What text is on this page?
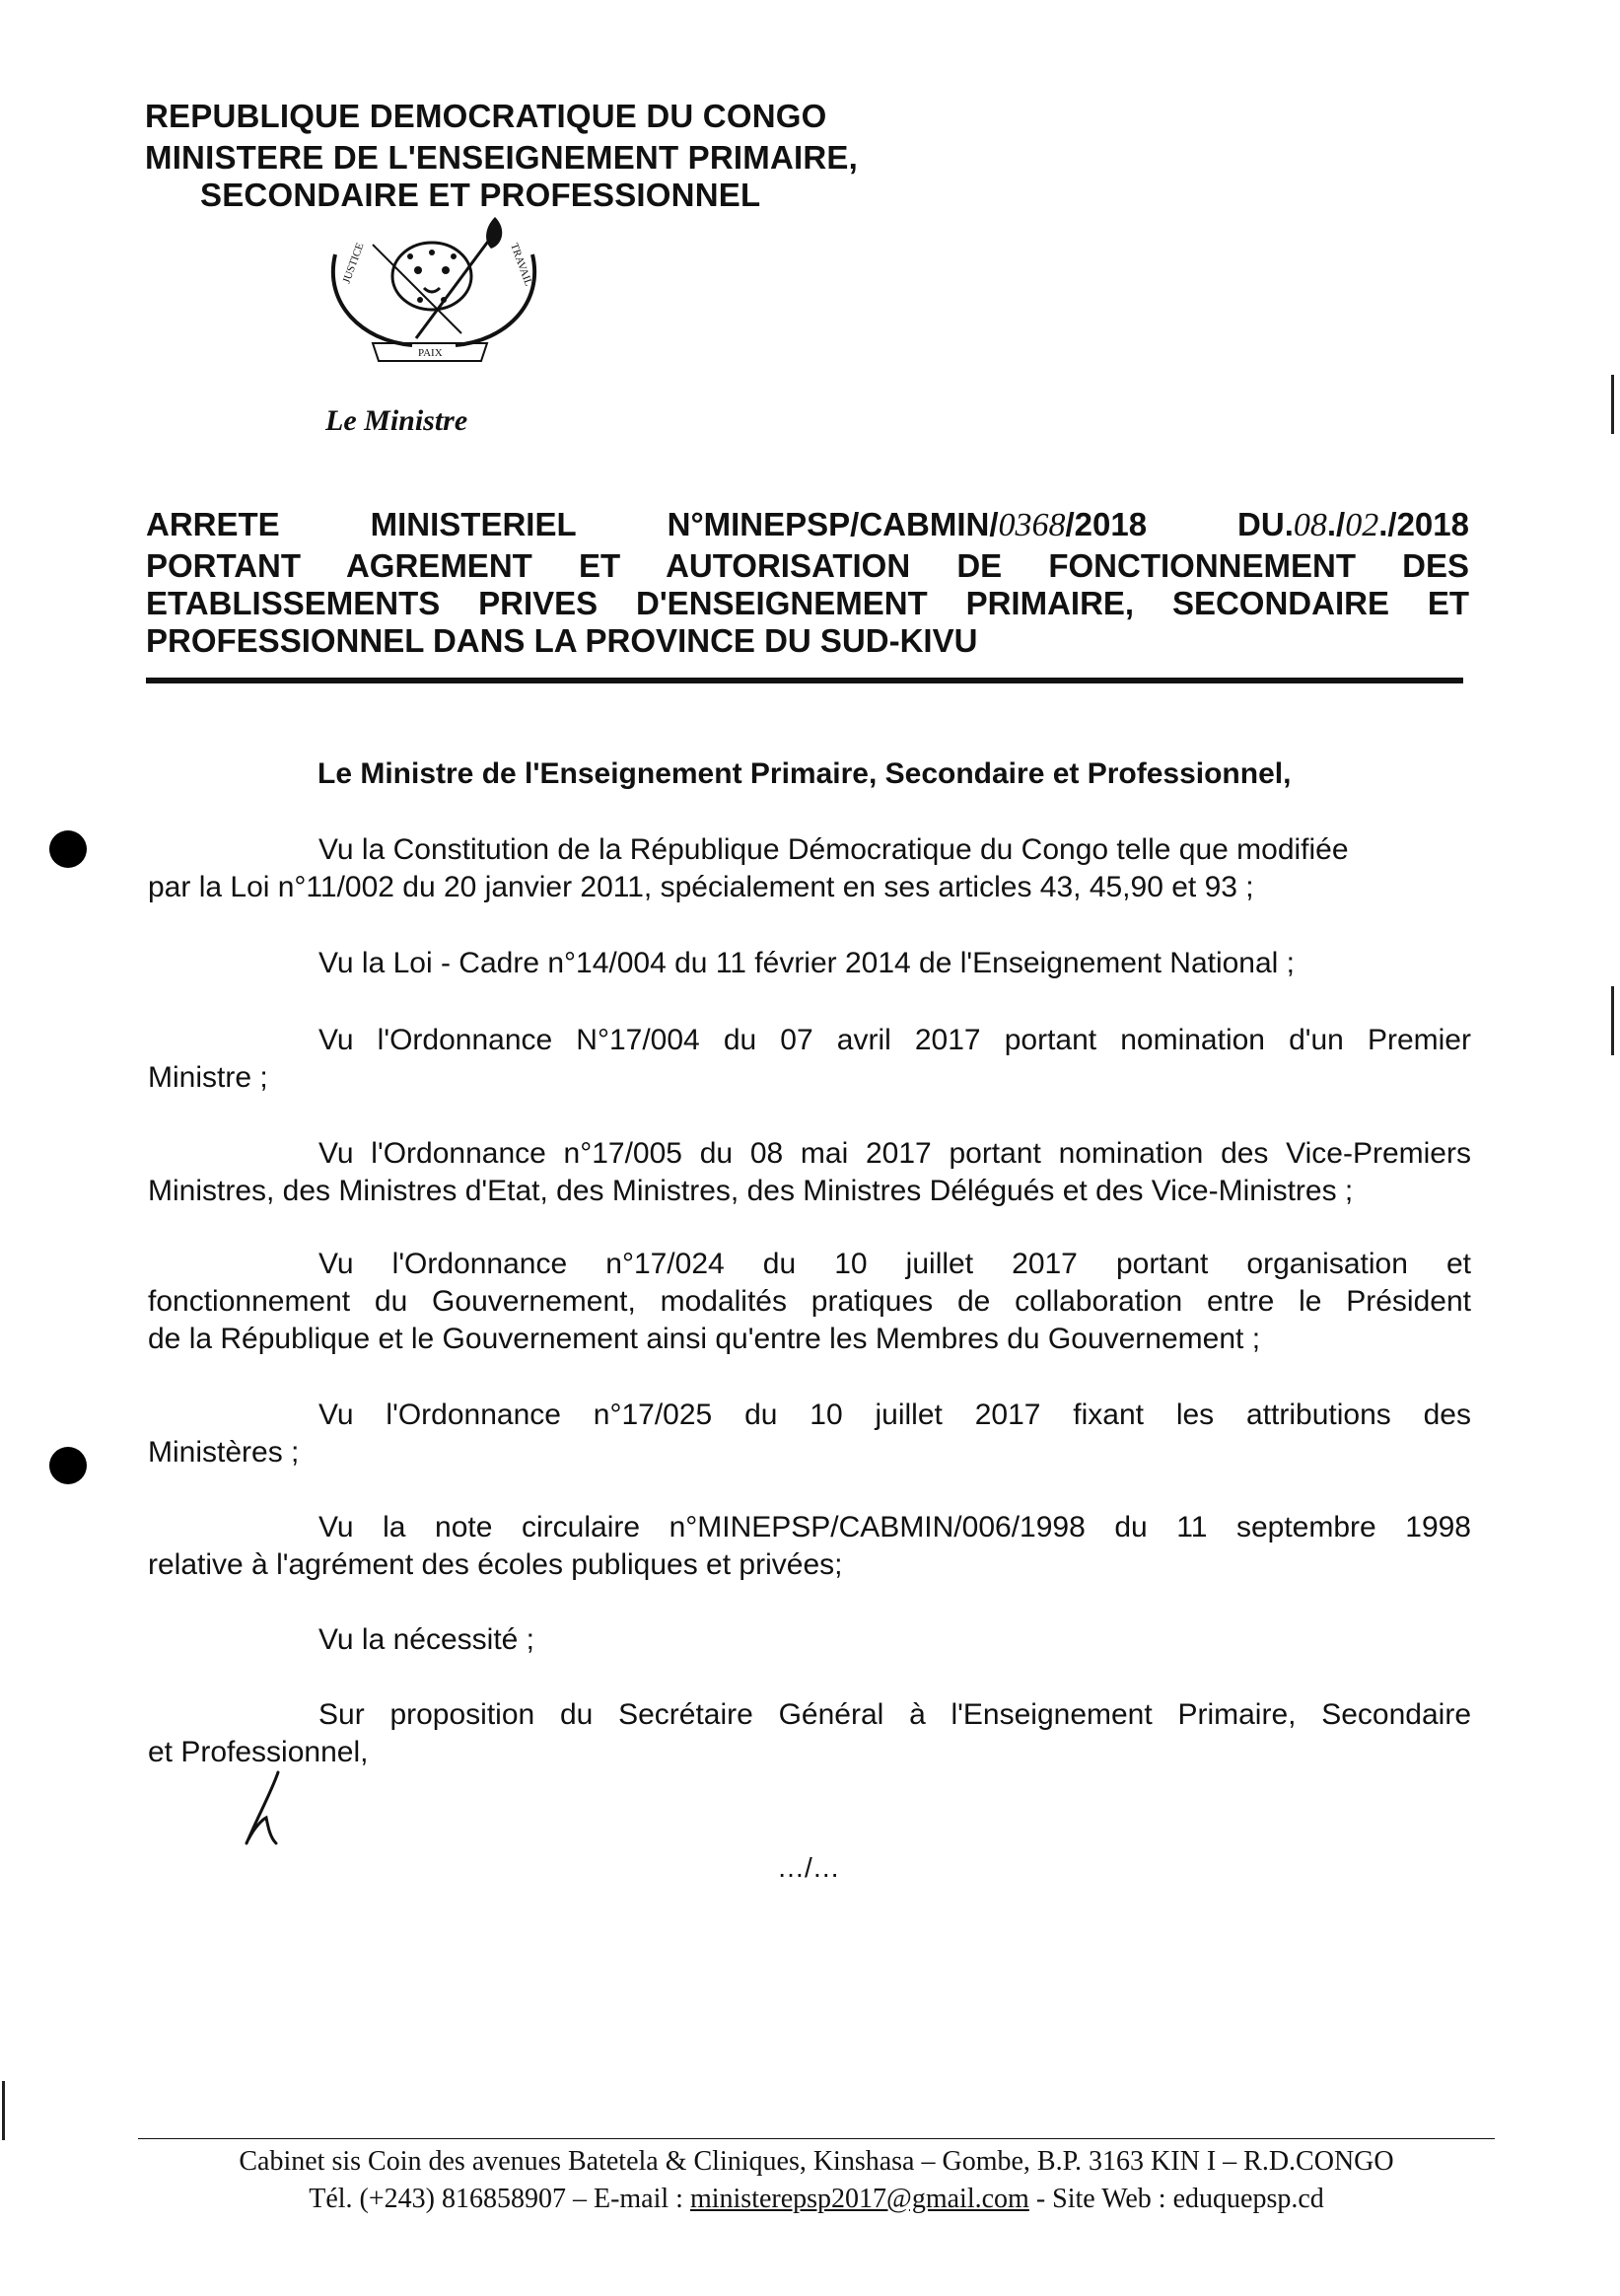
REPUBLIQUE DEMOCRATIQUE DU CONGO
MINISTERE DE L'ENSEIGNEMENT PRIMAIRE,
SECONDAIRE ET PROFESSIONNEL
JUSTICE
PAIX
TRAVAIL
Le Ministre
ARRETE	MINISTERIEL	N°MINEPSP/CABMIN/0368/2018	DU.08./02./2018
PORTANT AGREMENT ET AUTORISATION DE FONCTIONNEMENT DES
ETABLISSEMENTS PRIVES D'ENSEIGNEMENT PRIMAIRE, SECONDAIRE ET
PROFESSIONNEL DANS LA PROVINCE DU SUD-KIVU
Le Ministre de l'Enseignement Primaire, Secondaire et Professionnel,

Vu la Constitution de la République Démocratique du Congo telle que modifiée

par la Loi n°11/002 du 20 janvier 2011, spécialement en ses articles 43, 45,90 et 93 ;

Vu la Loi - Cadre n°14/004 du 11 février 2014 de l'Enseignement National ;

Vu l'Ordonnance N°17/004 du 07 avril 2017 portant nomination d'un Premier

Ministre ;

Vu l'Ordonnance n°17/005 du 08 mai 2017 portant nomination des Vice-Premiers

Ministres, des Ministres d'Etat, des Ministres, des Ministres Délégués et des Vice-Ministres ;

Vu l'Ordonnance n°17/024 du 10 juillet 2017 portant organisation et

fonctionnement du Gouvernement, modalités pratiques de collaboration entre le Président

de la République et le Gouvernement ainsi qu'entre les Membres du Gouvernement ;

Vu l'Ordonnance n°17/025 du 10 juillet 2017 fixant les attributions des

Ministères ;

Vu la note circulaire n°MINEPSP/CABMIN/006/1998 du 11 septembre 1998

relative à l'agrément des écoles publiques et privées;

Vu la nécessité ;

Sur proposition du Secrétaire Général à l'Enseignement Primaire, Secondaire

et Professionnel,

…/…
Cabinet sis Coin des avenues Batetela & Cliniques, Kinshasa – Gombe, B.P. 3163 KIN I – R.D.CONGO
Tél. (+243) 816858907 – E-mail : ministerepsp2017@gmail.com - Site Web : eduquepsp.cd
